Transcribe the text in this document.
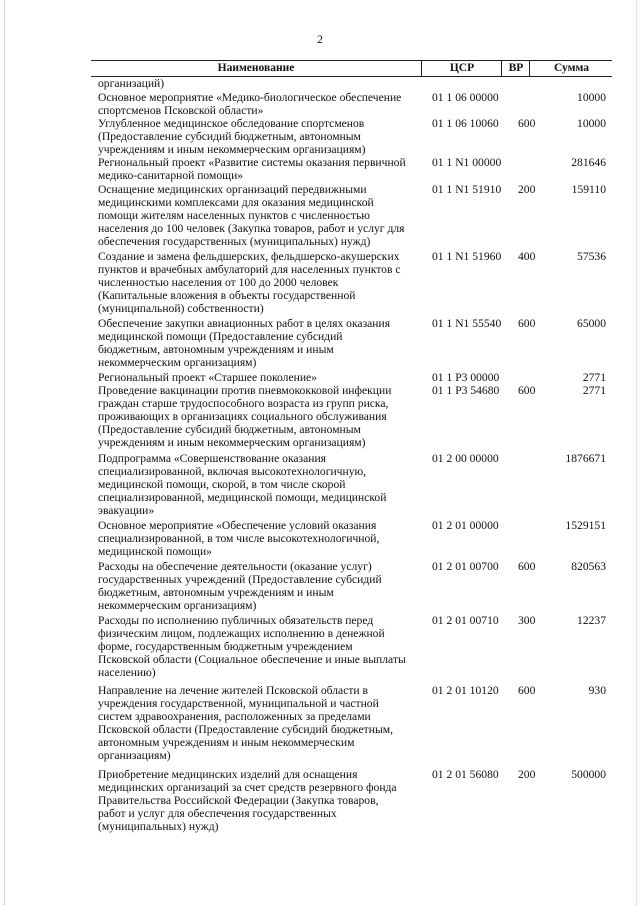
2
Наименование	ЦСР	ВР	Сумма
организаций)
Основное мероприятие «Медико-биологическое обеспечение
спортсменов Псковской области»
01 1 06 00000	10000
Углубленное медицинское обследование спортсменов
(Предоставление субсидий бюджетным, автономным
учреждениям и иным некоммерческим организациям)
01 1 06 10060	600	10000
Региональный проект «Развитие системы оказания первичной
медико-санитарной помощи»
01 1 N1 00000	281646
Оснащение медицинских организаций передвижными
медицинскими комплексами для оказания медицинской
помощи жителям населенных пунктов с численностью
населения до 100 человек (Закупка товаров, работ и услуг для
обеспечения государственных (муниципальных) нужд)
01 1 N1 51910	200	159110
Создание и замена фельдшерских, фельдшерско-акушерских
пунктов и врачебных амбулаторий для населенных пунктов с
численностью населения от 100 до 2000 человек
(Капитальные вложения в объекты государственной
(муниципальной) собственности)
01 1 N1 51960	400	57536
Обеспечение закупки авиационных работ в целях оказания
медицинской помощи (Предоставление субсидий
бюджетным, автономным учреждениям и иным
некоммерческим организациям)
01 1 N1 55540	600	65000
Региональный проект «Старшее поколение»	01 1 P3 00000	2771
Проведение вакцинации против пневмококковой инфекции
граждан старше трудоспособного возраста из групп риска,
проживающих в организациях социального обслуживания
(Предоставление субсидий бюджетным, автономным
учреждениям и иным некоммерческим организациям)
01 1 P3 54680	600	2771
Подпрограмма «Совершенствование оказания
специализированной, включая высокотехнологичную,
медицинской помощи, скорой, в том числе скорой
специализированной, медицинской помощи, медицинской
эвакуации»
01 2 00 00000	1876671
Основное мероприятие «Обеспечение условий оказания
специализированной, в том числе высокотехнологичной,
медицинской помощи»
01 2 01 00000	1529151
Расходы на обеспечение деятельности (оказание услуг)
государственных учреждений (Предоставление субсидий
бюджетным, автономным учреждениям и иным
некоммерческим организациям)
01 2 01 00700	600	820563
Расходы по исполнению публичных обязательств перед
физическим лицом, подлежащих исполнению в денежной
форме, государственным бюджетным учреждением
Псковской области (Социальное обеспечение и иные выплаты
населению)
01 2 01 00710	300	12237
Направление на лечение жителей Псковской области в
учреждения государственной, муниципальной и частной
систем здравоохранения, расположенных за пределами
Псковской области (Предоставление субсидий бюджетным,
автономным учреждениям и иным некоммерческим
организациям)
01 2 01 10120	600	930
Приобретение медицинских изделий для оснащения
медицинских организаций за счет средств резервного фонда
Правительства Российской Федерации (Закупка товаров,
работ и услуг для обеспечения государственных
(муниципальных) нужд)
01 2 01 56080	200	500000
